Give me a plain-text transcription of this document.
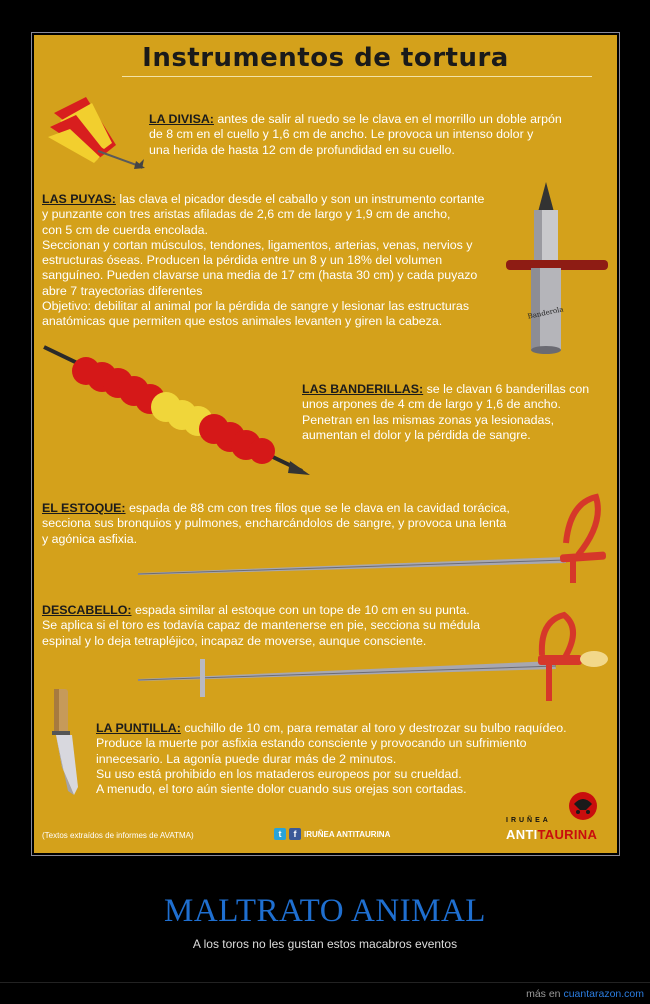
Instrumentos de tortura
LA DIVISA: antes de salir al ruedo se le clava en el morrillo un doble arpón
de 8 cm en el cuello y 1,6 cm de ancho. Le provoca un intenso dolor y
una herida de hasta 12 cm de profundidad en su cuello.
LAS PUYAS: las clava el picador desde el caballo y son un instrumento cortante
y punzante con tres aristas afiladas de 2,6 cm de largo y 1,9 cm de ancho,
con 5 cm de cuerda encolada.
Seccionan y cortan músculos, tendones, ligamentos, arterias, venas, nervios y
estructuras óseas. Producen la pérdida entre un 8 y un 18% del volumen
sanguíneo. Pueden clavarse una media de 17 cm (hasta 30 cm) y cada puyazo
abre 7 trayectorias diferentes
Objetivo: debilitar al animal por la pérdida de sangre y lesionar las estructuras
anatómicas que permiten que estos animales levanten y giren la cabeza.
Banderola
LAS BANDERILLAS: se le clavan 6 banderillas con
unos arpones de 4 cm de largo y 1,6 de ancho.
Penetran en las mismas zonas ya lesionadas,
aumentan el dolor y la pérdida de sangre.
EL ESTOQUE: espada de 88 cm con tres filos que se le clava en la cavidad torácica,
secciona sus bronquios y pulmones, encharcándolos de sangre, y provoca una lenta
y agónica asfixia.
DESCABELLO: espada similar al estoque con un tope de 10 cm en su punta.
Se aplica si el toro es todavía capaz de mantenerse en pie, secciona su médula
espinal y lo deja tetrapléjico, incapaz de moverse, aunque consciente.
LA PUNTILLA: cuchillo de 10 cm, para rematar al toro y destrozar su bulbo raquídeo.
Produce la muerte por asfixia estando consciente y provocando un sufrimiento
innecesario. La agonía puede durar más de 2 minutos.
Su uso está prohibido en los mataderos europeos por su crueldad.
A menudo, el toro aún siente dolor cuando sus orejas son cortadas.
(Textos extraídos de informes de AVATMA)	t	f IRUÑEA ANTITAURINA
IRUÑEA
ANTITAURINA
MALTRATO ANIMAL
A los toros no les gustan estos macabros eventos
más en cuantarazon.com
